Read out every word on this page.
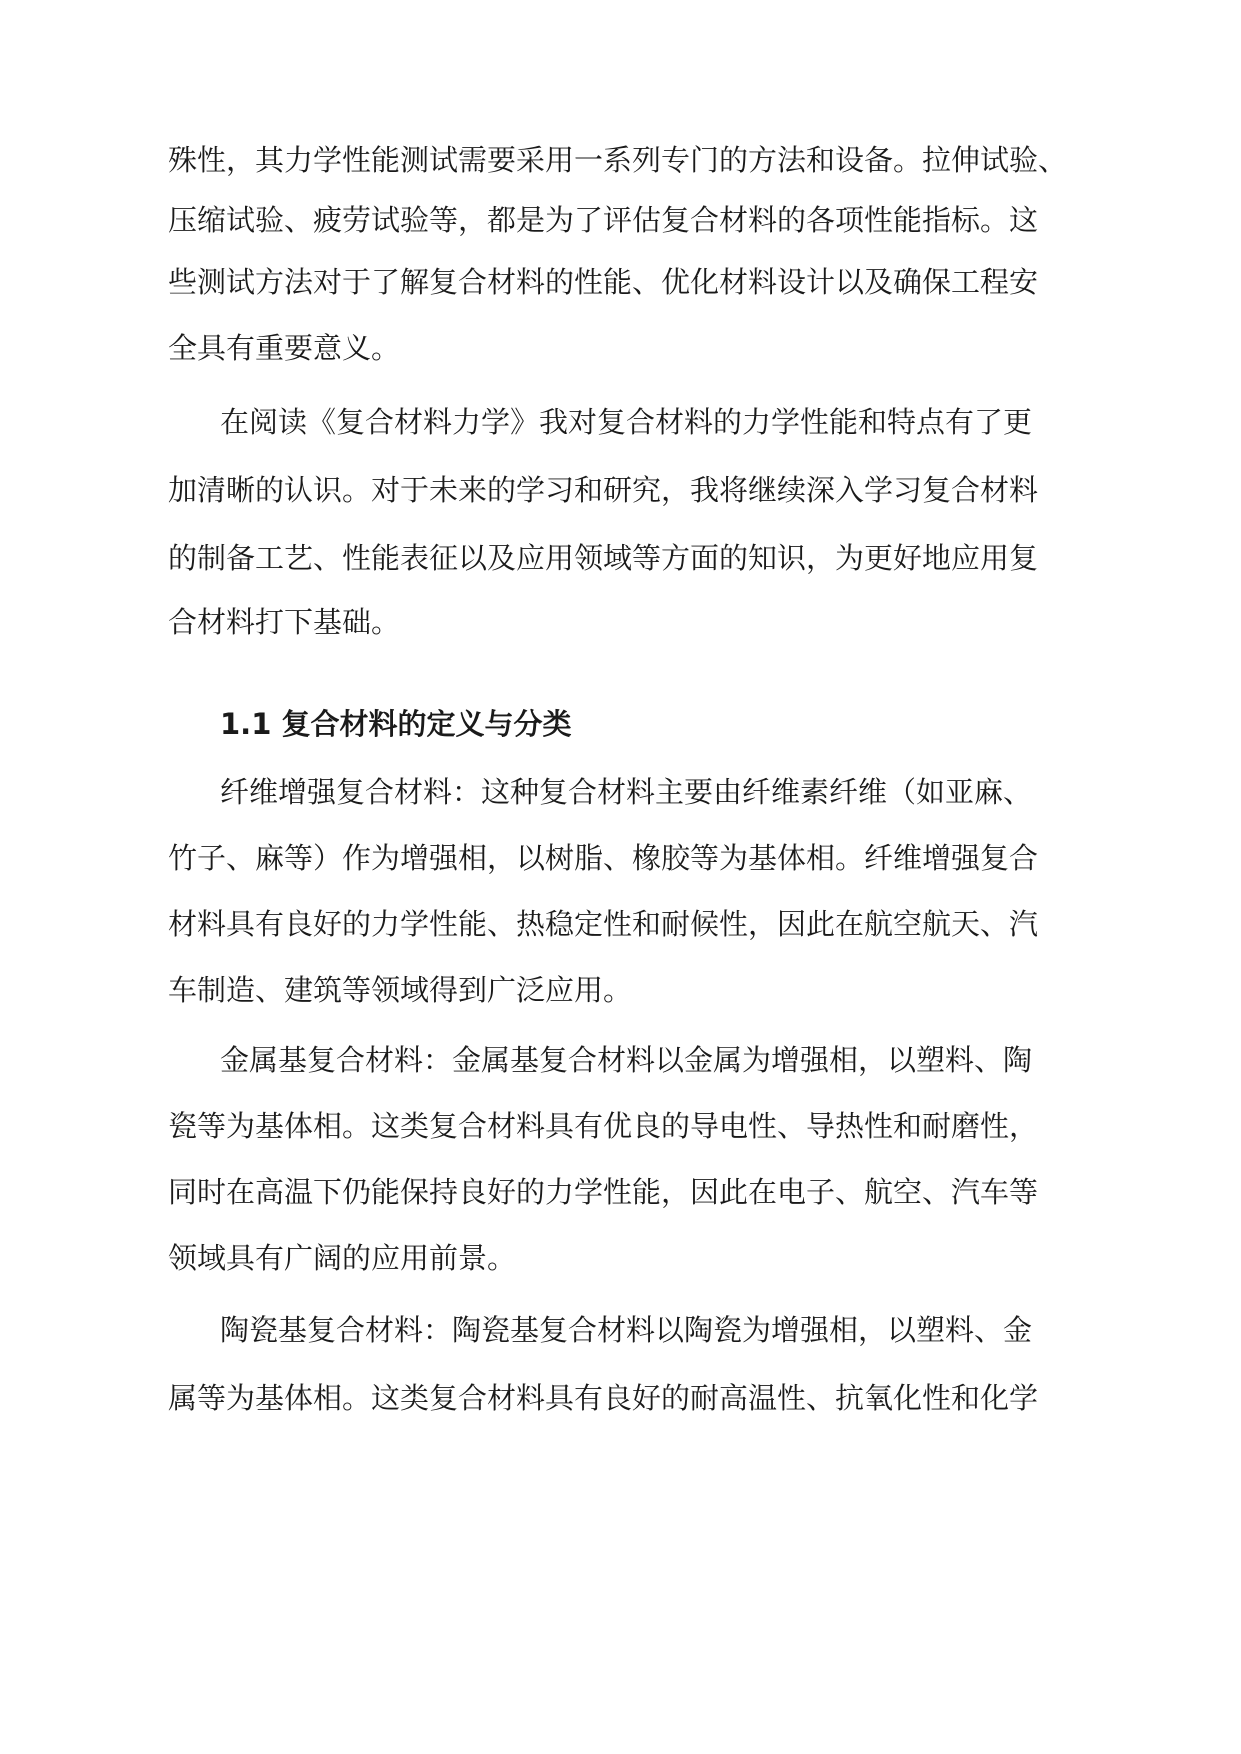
殊性，其力学性能测试需要采用一系列专门的方法和设备。拉伸试验、
压缩试验、疲劳试验等，都是为了评估复合材料的各项性能指标。这
些测试方法对于了解复合材料的性能、优化材料设计以及确保工程安
全具有重要意义。
在阅读《复合材料力学》我对复合材料的力学性能和特点有了更
加清晰的认识。对于未来的学习和研究，我将继续深入学习复合材料
的制备工艺、性能表征以及应用领域等方面的知识，为更好地应用复
合材料打下基础。
1.1 复合材料的定义与分类
纤维增强复合材料：这种复合材料主要由纤维素纤维（如亚麻、
竹子、麻等）作为增强相，以树脂、橡胶等为基体相。纤维增强复合
材料具有良好的力学性能、热稳定性和耐候性，因此在航空航天、汽
车制造、建筑等领域得到广泛应用。
金属基复合材料：金属基复合材料以金属为增强相，以塑料、陶
瓷等为基体相。这类复合材料具有优良的导电性、导热性和耐磨性，
同时在高温下仍能保持良好的力学性能，因此在电子、航空、汽车等
领域具有广阔的应用前景。
陶瓷基复合材料：陶瓷基复合材料以陶瓷为增强相，以塑料、金
属等为基体相。这类复合材料具有良好的耐高温性、抗氧化性和化学
